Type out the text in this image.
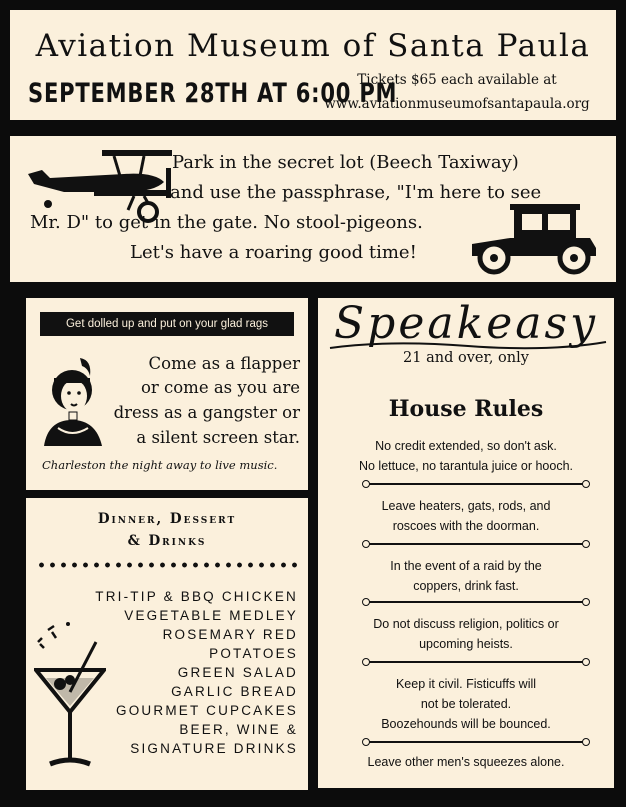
Aviation Museum of Santa Paula
SEPTEMBER 28TH AT 6:00 PM
Tickets $65 each available at
www.aviationmuseumofsantapaula.org
Park in the secret lot (Beech Taxiway)
and use the passphrase, "I'm here to see
Mr. D" to get in the gate. No stool-pigeons.
Let's have a roaring good time!
Get dolled up and put on your glad rags
Come as a flapper
or come as you are
dress as a gangster or
a silent screen star.
Charleston the night away to live music.
Dinner, Dessert
& Drinks
TRI-TIP & BBQ CHICKEN
VEGETABLE MEDLEY
ROSEMARY RED
POTATOES
GREEN SALAD
GARLIC BREAD
GOURMET CUPCAKES
BEER, WINE &
SIGNATURE DRINKS
Speakeasy
21 and over, only
House Rules
No credit extended, so don't ask.
No lettuce, no tarantula juice or hooch.
Leave heaters, gats, rods, and
roscoes with the doorman.
In the event of a raid by the
coppers, drink fast.
Do not discuss religion, politics or
upcoming heists.
Keep it civil. Fisticuffs will
not be tolerated.
Boozehounds will be bounced.
Leave other men's squeezes alone.
